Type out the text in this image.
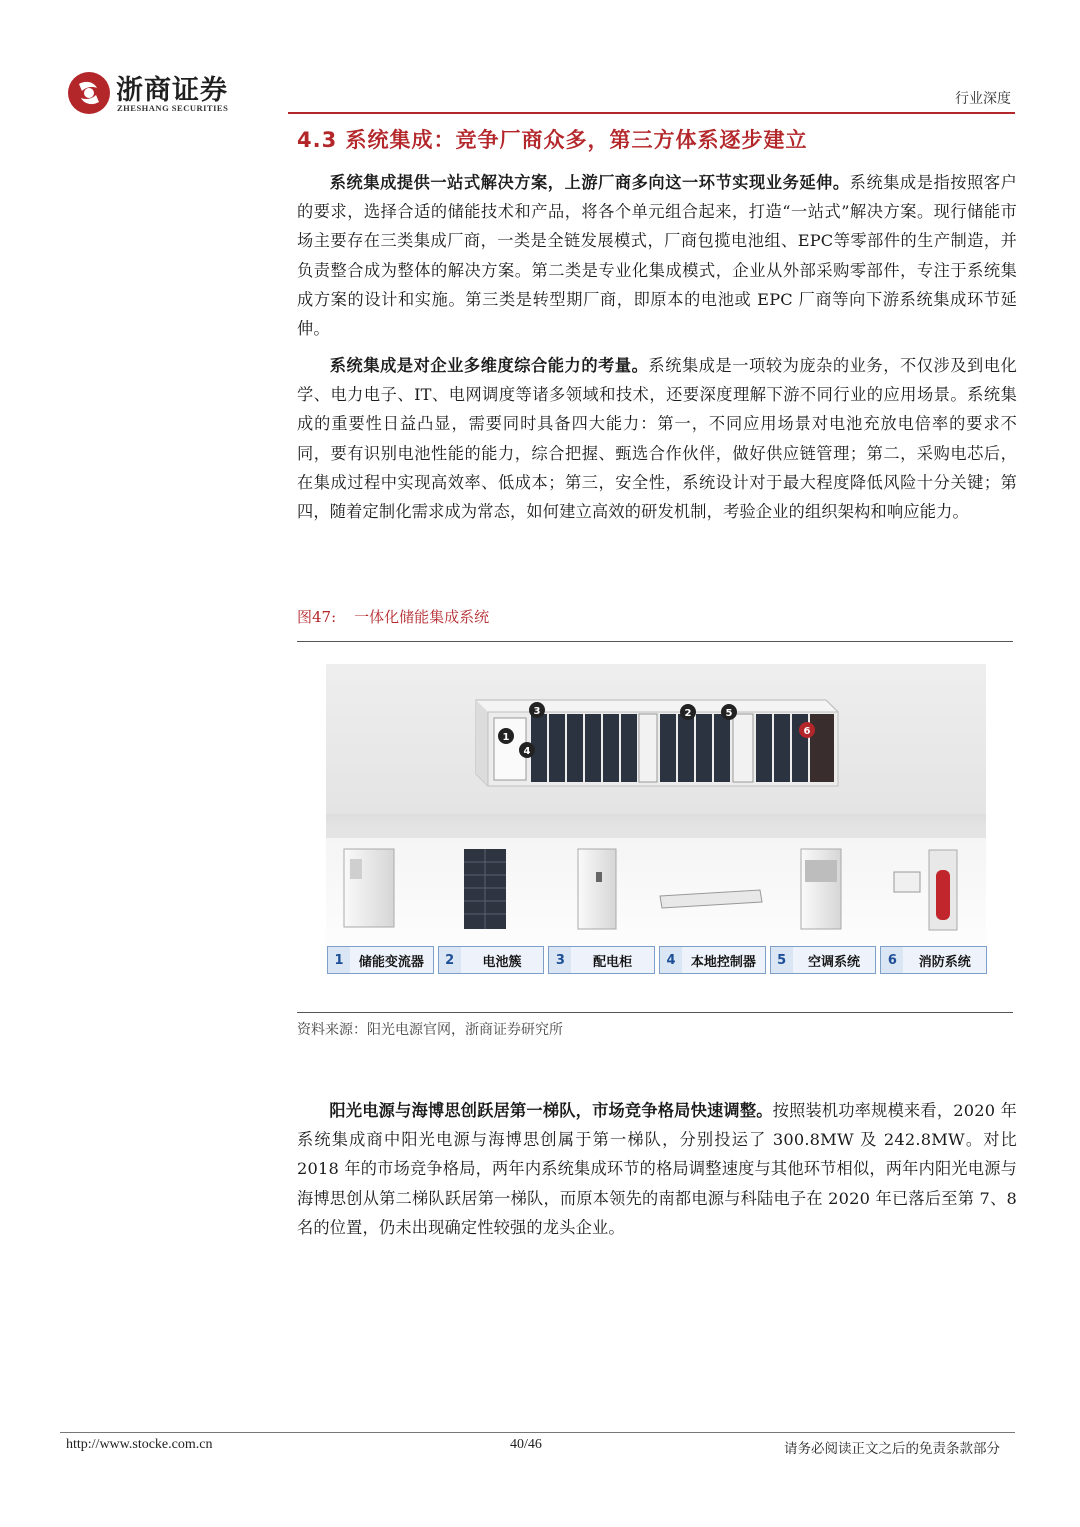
浙商证券
ZHESHANG SECURITIES
行业深度
4.3 系统集成：竞争厂商众多，第三方体系逐步建立
系统集成提供一站式解决方案，上游厂商多向这一环节实现业务延伸。系统集成是指按照客户的要求，选择合适的储能技术和产品，将各个单元组合起来，打造“一站式”解决方案。现行储能市场主要存在三类集成厂商，一类是全链发展模式，厂商包揽电池组、EPC等零部件的生产制造，并负责整合成为整体的解决方案。第二类是专业化集成模式，企业从外部采购零部件，专注于系统集成方案的设计和实施。第三类是转型期厂商，即原本的电池或 EPC 厂商等向下游系统集成环节延伸。
系统集成是对企业多维度综合能力的考量。系统集成是一项较为庞杂的业务，不仅涉及到电化学、电力电子、IT、电网调度等诸多领域和技术，还要深度理解下游不同行业的应用场景。系统集成的重要性日益凸显，需要同时具备四大能力：第一，不同应用场景对电池充放电倍率的要求不同，要有识别电池性能的能力，综合把握、甄选合作伙伴，做好供应链管理；第二，采购电芯后，在集成过程中实现高效率、低成本；第三，安全性，系统设计对于最大程度降低风险十分关键；第四，随着定制化需求成为常态，如何建立高效的研发机制，考验企业的组织架构和响应能力。
图47: 一体化储能集成系统
1
2
3
4
5
6
1	储能变流器	2	电池簇	3	配电柜	4	本地控制器	5	空调系统	6	消防系统
资料来源：阳光电源官网，浙商证券研究所
阳光电源与海博思创跃居第一梯队，市场竞争格局快速调整。按照装机功率规模来看，2020 年系统集成商中阳光电源与海博思创属于第一梯队，分别投运了 300.8MW 及 242.8MW。对比 2018 年的市场竞争格局，两年内系统集成环节的格局调整速度与其他环节相似，两年内阳光电源与海博思创从第二梯队跃居第一梯队，而原本领先的南都电源与科陆电子在 2020 年已落后至第 7、8 名的位置，仍未出现确定性较强的龙头企业。
http://www.stocke.com.cn	40/46	请务必阅读正文之后的免责条款部分
